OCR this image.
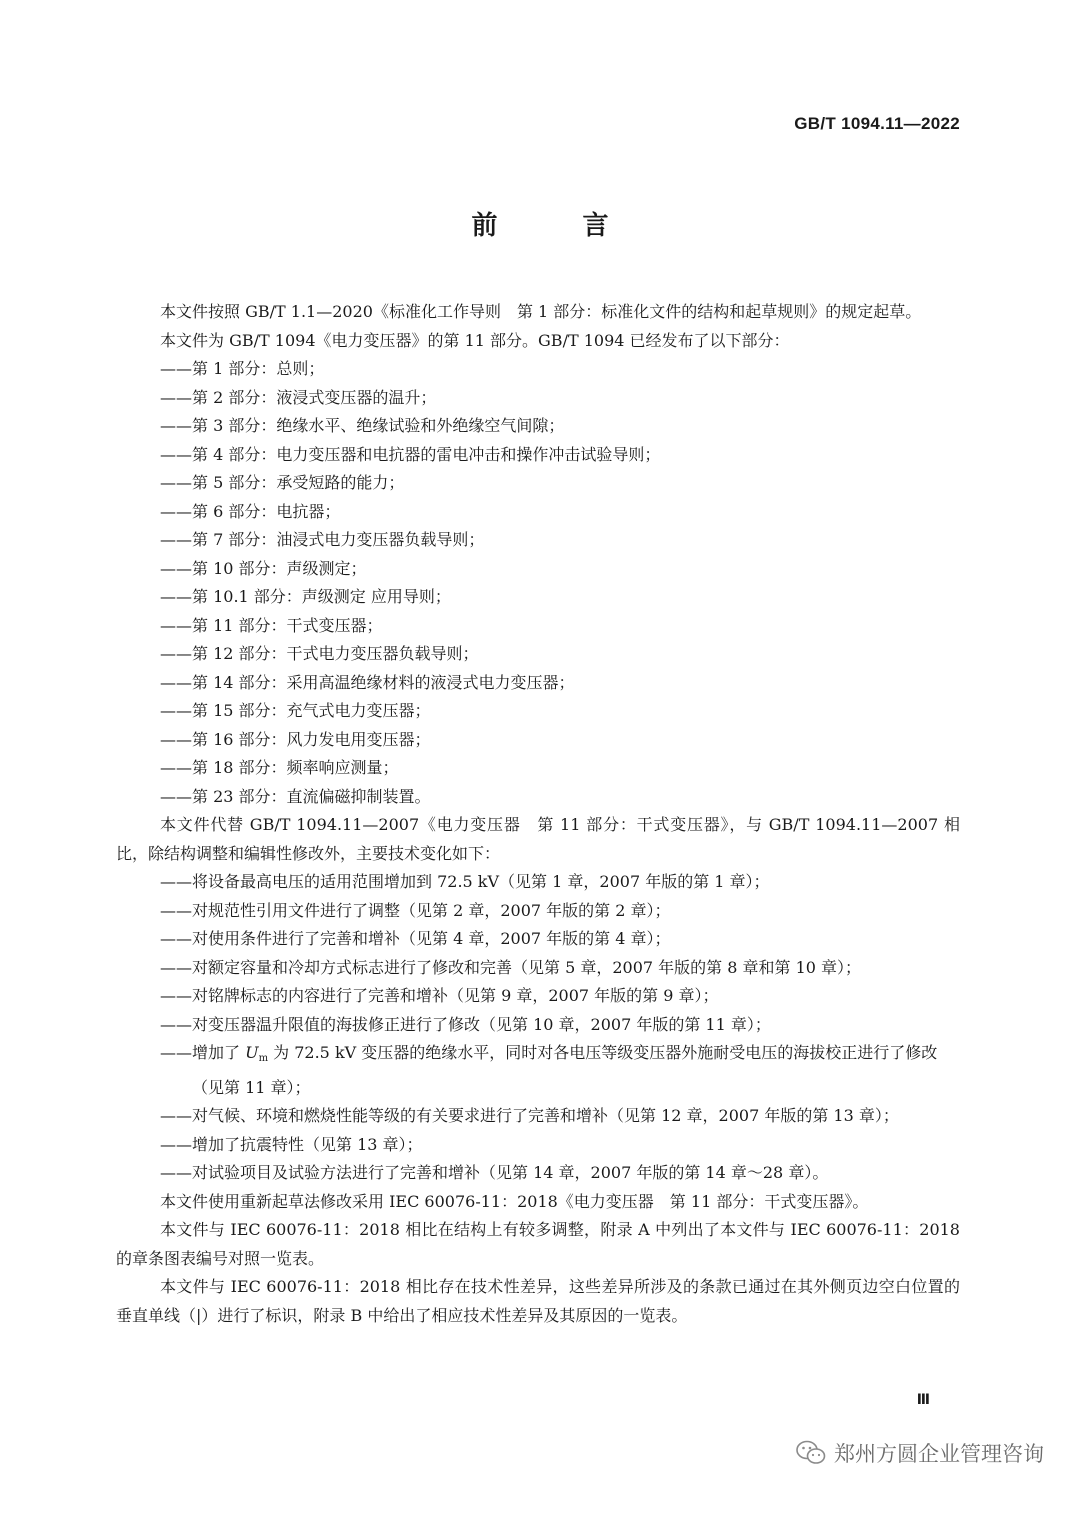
GB/T 1094.11—2022
前 言

本文件按照 GB/T 1.1—2020《标准化工作导则　第 1 部分：标准化文件的结构和起草规则》的规定起草。

本文件为 GB/T 1094《电力变压器》的第 11 部分。GB/T 1094 已经发布了以下部分：

——第 1 部分：总则；

——第 2 部分：液浸式变压器的温升；

——第 3 部分：绝缘水平、绝缘试验和外绝缘空气间隙；

——第 4 部分：电力变压器和电抗器的雷电冲击和操作冲击试验导则；

——第 5 部分：承受短路的能力；

——第 6 部分：电抗器；

——第 7 部分：油浸式电力变压器负载导则；

——第 10 部分：声级测定；

——第 10.1 部分：声级测定 应用导则；

——第 11 部分：干式变压器；

——第 12 部分：干式电力变压器负载导则；

——第 14 部分：采用高温绝缘材料的液浸式电力变压器；

——第 15 部分：充气式电力变压器；

——第 16 部分：风力发电用变压器；

——第 18 部分：频率响应测量；

——第 23 部分：直流偏磁抑制装置。

本文件代替 GB/T 1094.11—2007《电力变压器　第 11 部分：干式变压器》，与 GB/T 1094.11—2007 相比，除结构调整和编辑性修改外，主要技术变化如下：

——将设备最高电压的适用范围增加到 72.5 kV（见第 1 章，2007 年版的第 1 章）；

——对规范性引用文件进行了调整（见第 2 章，2007 年版的第 2 章）；

——对使用条件进行了完善和增补（见第 4 章，2007 年版的第 4 章）；

——对额定容量和冷却方式标志进行了修改和完善（见第 5 章，2007 年版的第 8 章和第 10 章）；

——对铭牌标志的内容进行了完善和增补（见第 9 章，2007 年版的第 9 章）；

——对变压器温升限值的海拔修正进行了修改（见第 10 章，2007 年版的第 11 章）；

——增加了 $U_m$ 为 72.5 kV 变压器的绝缘水平，同时对各电压等级变压器外施耐受电压的海拔校正进行了修改（见第 11 章）；

——对气候、环境和燃烧性能等级的有关要求进行了完善和增补（见第 12 章，2007 年版的第 13 章）；

——增加了抗震特性（见第 13 章）；

——对试验项目及试验方法进行了完善和增补（见第 14 章，2007 年版的第 14 章～28 章）。

本文件使用重新起草法修改采用 IEC 60076-11：2018《电力变压器　第 11 部分：干式变压器》。

本文件与 IEC 60076-11：2018 相比在结构上有较多调整，附录 A 中列出了本文件与 IEC 60076-11：2018 的章条图表编号对照一览表。

本文件与 IEC 60076-11：2018 相比存在技术性差异，这些差异所涉及的条款已通过在其外侧页边空白位置的垂直单线（|）进行了标识，附录 B 中给出了相应技术性差异及其原因的一览表。

Ⅲ
郑州方圆企业管理咨询
